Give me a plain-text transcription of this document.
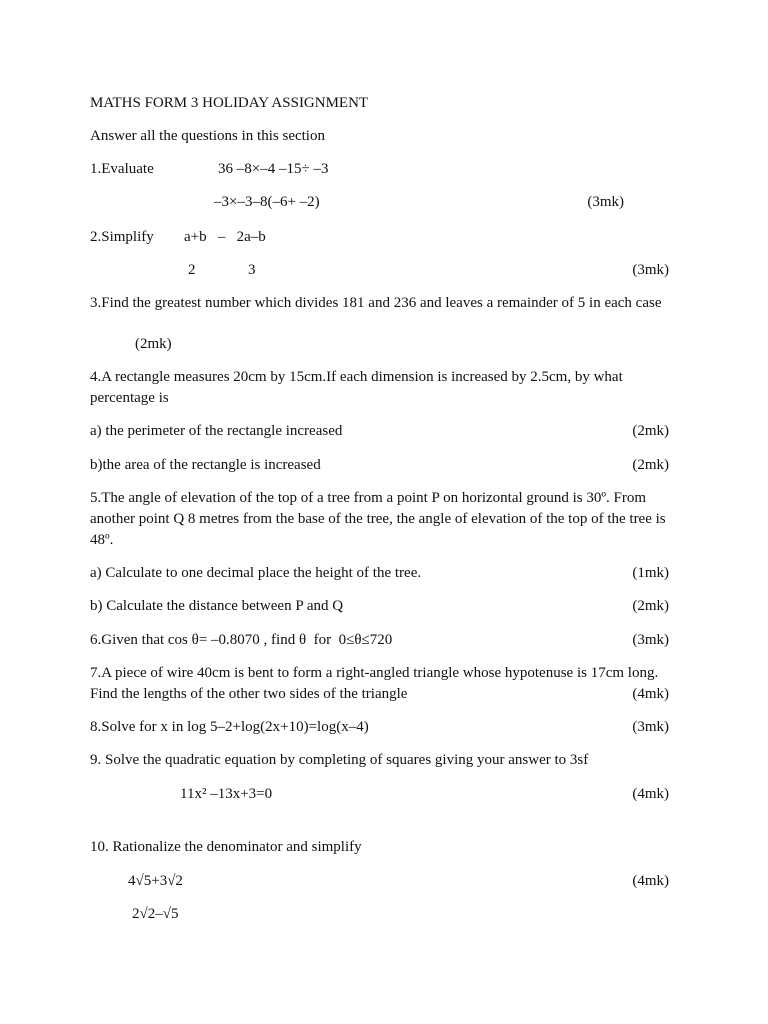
MATHS FORM 3 HOLIDAY ASSIGNMENT
Answer all the questions in this section
1.Evaluate	36 –8×–4 –15÷ –3
–3×–3–8(–6+ –2)	(3mk)
2.Simplify a+b   –   2a–b
2	3	(3mk)
3.Find the greatest number which divides 181 and 236 and leaves a remainder of 5 in each case
(2mk)
4.A rectangle measures 20cm by 15cm.If each dimension is increased by 2.5cm, by what percentage is
a) the perimeter of the rectangle increased	(2mk)
b)the area of the rectangle is increased	(2mk)
5.The angle of elevation of the top of a tree from a point P on horizontal ground is 30º. From another point Q 8 metres from the base of the tree, the angle of elevation of the top of the tree is 48º.
a) Calculate to one decimal place the height of the tree.	(1mk)
b) Calculate the distance between P and Q	(2mk)
6.Given that cos θ= –0.8070 , find θ  for  0≤θ≤720	(3mk)
7.A piece of wire 40cm is bent to form a right-angled triangle whose hypotenuse is 17cm long.
Find the lengths of the other two sides of the triangle	(4mk)
8.Solve for x in log 5–2+log(2x+10)=log(x–4)	(3mk)
9. Solve the quadratic equation by completing of squares giving your answer to 3sf
11x² –13x+3=0	(4mk)
10. Rationalize the denominator and simplify
4√5+3√2	(4mk)
2√2–√5
